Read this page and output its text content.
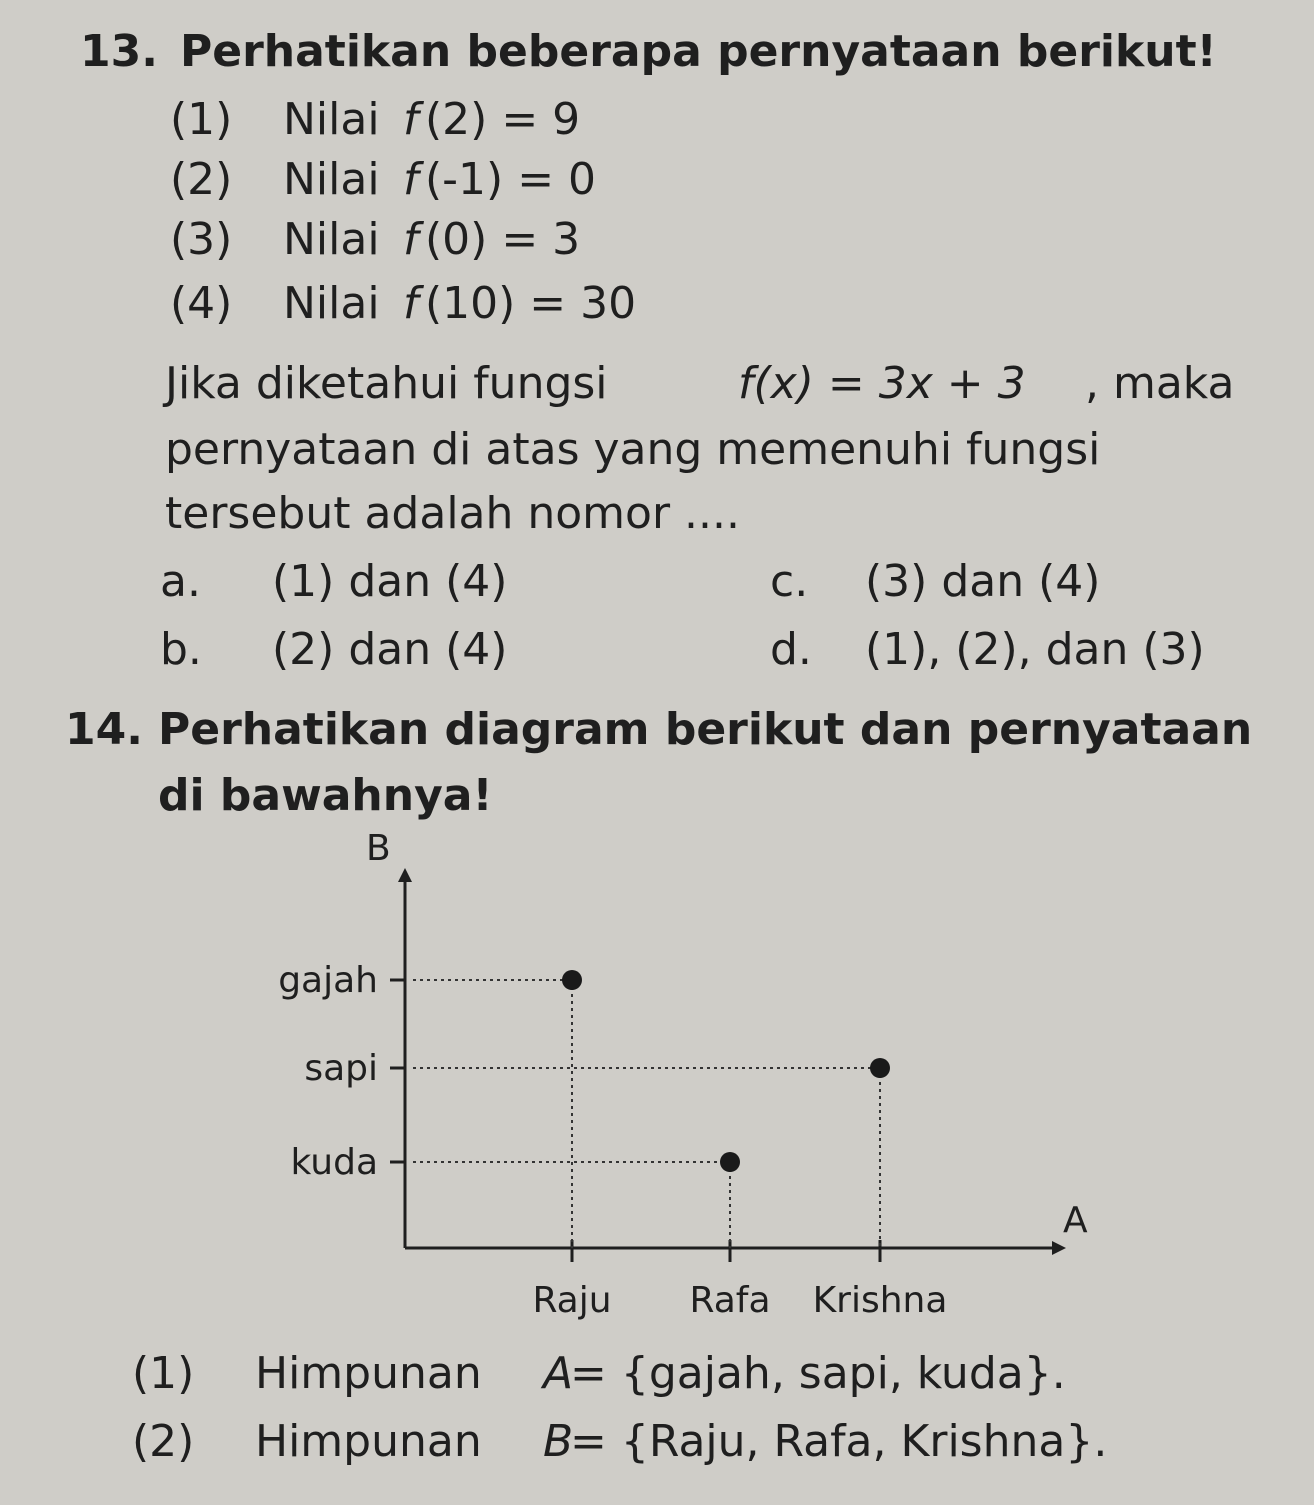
13. Perhatikan beberapa pernyataan berikut!
(1) Nilai f (2) = 9
(2) Nilai f (-1) = 0
(3) Nilai f (0) = 3
(4) Nilai f (10) = 30
Jika diketahui fungsi	f(x) = 3x + 3 , maka
pernyataan di atas yang memenuhi fungsi
tersebut adalah nomor ....
a. (1) dan (4)
b. (2) dan (4)
c. (3) dan (4)
d. (1), (2), dan (3)
14. Perhatikan diagram berikut dan pernyataan
di bawahnya!
B
A
gajah
sapi
kuda
Raju Rafa Krishna
(1) Himpunan A
= {gajah, sapi, kuda}.
(2) Himpunan B
= {Raju, Rafa, Krishna}.
